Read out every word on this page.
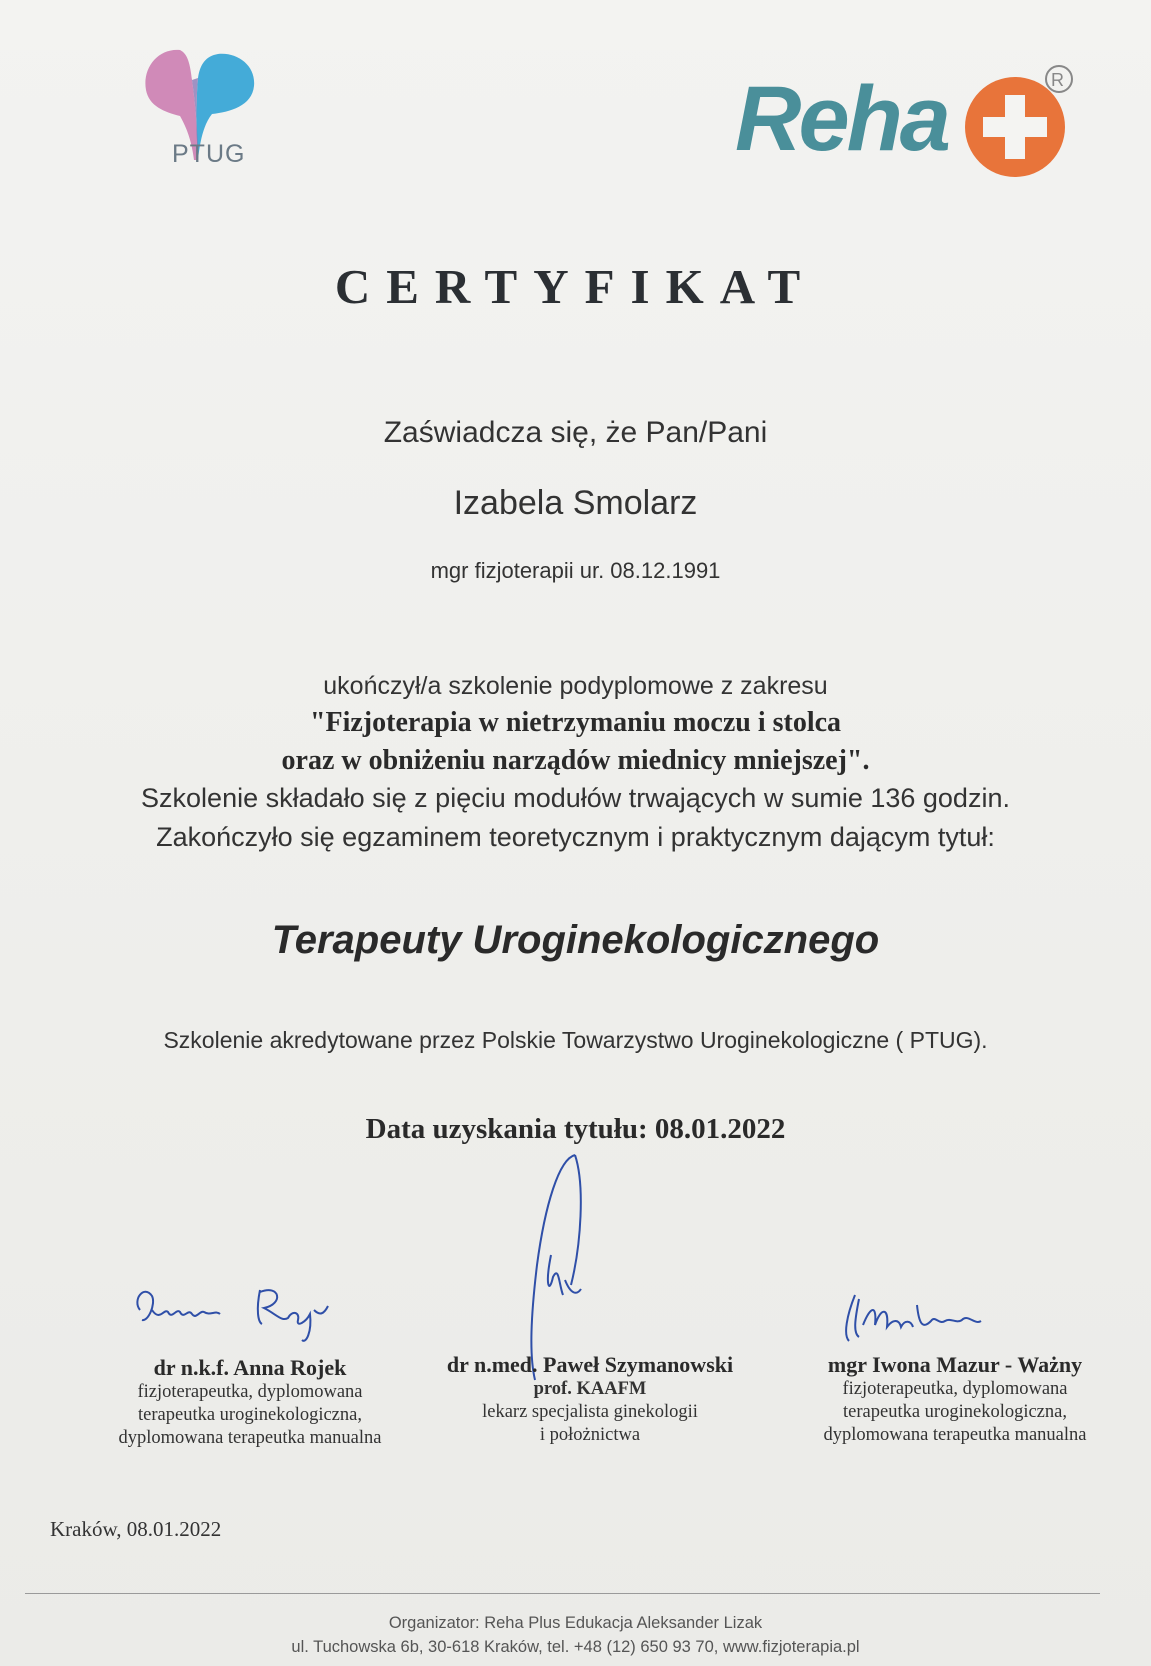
PTUG	Reha	R
CERTYFIKAT
Zaświadcza się, że Pan/Pani
Izabela Smolarz
mgr fizjoterapii ur. 08.12.1991
ukończył/a szkolenie podyplomowe z zakresu
"Fizjoterapia w nietrzymaniu moczu i stolca
oraz w obniżeniu narządów miednicy mniejszej".
Szkolenie składało się z pięciu modułów trwających w sumie 136 godzin.
Zakończyło się egzaminem teoretycznym i praktycznym dającym tytuł:
Terapeuty Uroginekologicznego
Szkolenie akredytowane przez Polskie Towarzystwo Uroginekologiczne ( PTUG).
Data uzyskania tytułu: 08.01.2022
dr n.k.f. Anna Rojek
fizjoterapeutka, dyplomowana
terapeutka uroginekologiczna,
dyplomowana terapeutka manualna
dr n.med. Paweł Szymanowski
prof. KAAFM
lekarz specjalista ginekologii
i położnictwa
mgr Iwona Mazur - Ważny
fizjoterapeutka, dyplomowana
terapeutka uroginekologiczna,
dyplomowana terapeutka manualna
Kraków, 08.01.2022
Organizator: Reha Plus Edukacja Aleksander Lizak
ul. Tuchowska 6b, 30-618 Kraków, tel. +48 (12) 650 93 70, www.fizjoterapia.pl
